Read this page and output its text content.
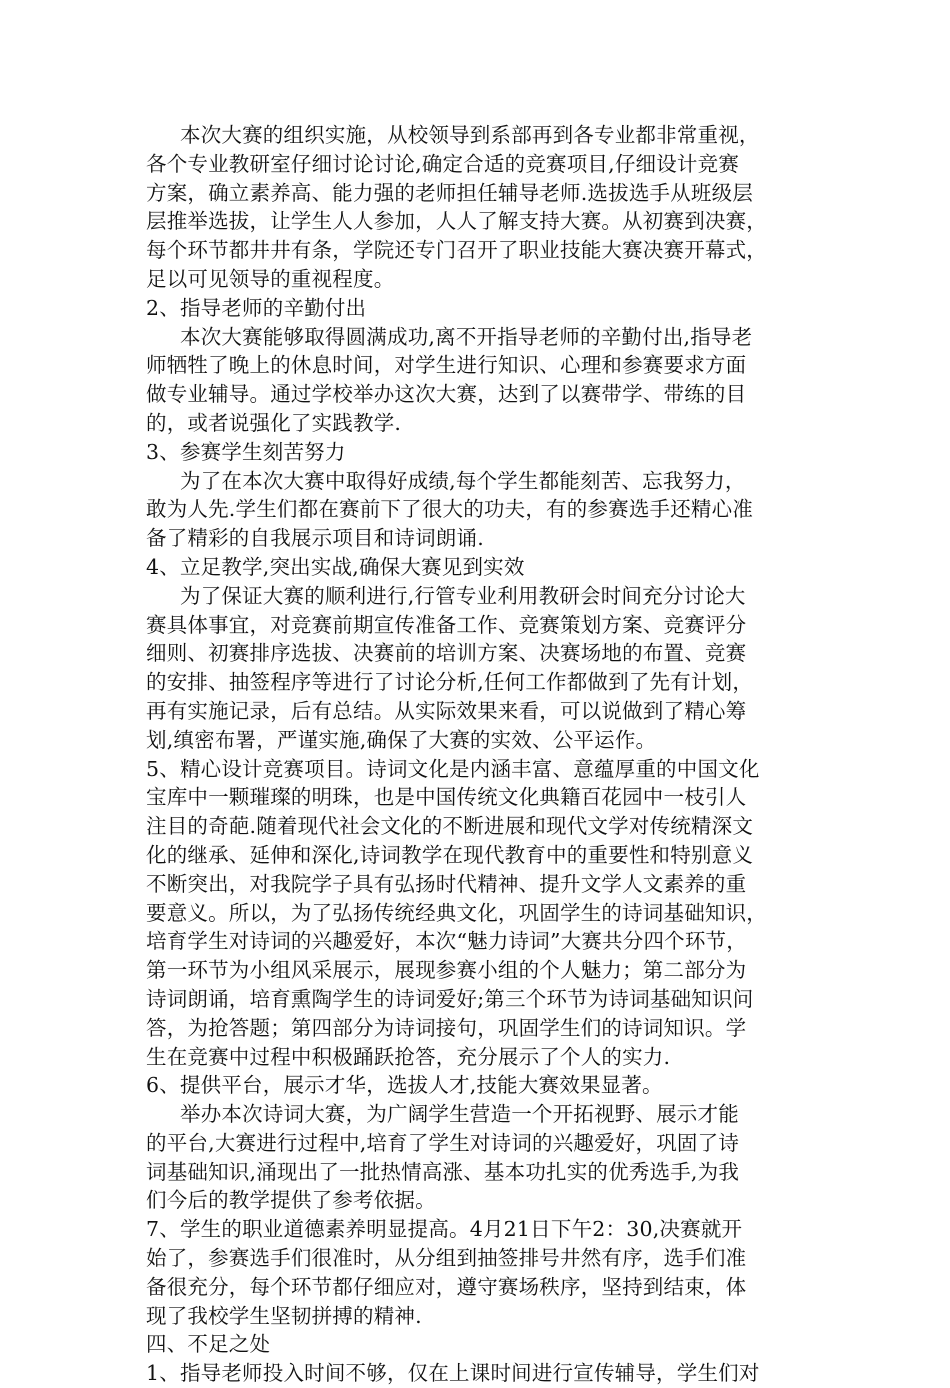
本次大赛的组织实施，从校领导到系部再到各专业都非常重视，
各个专业教研室仔细讨论讨论,确定合适的竞赛项目,仔细设计竞赛
方案，确立素养高、能力强的老师担任辅导老师.选拔选手从班级层
层推举选拔，让学生人人参加，人人了解支持大赛。从初赛到决赛，
每个环节都井井有条，学院还专门召开了职业技能大赛决赛开幕式，
足以可见领导的重视程度。
2、指导老师的辛勤付出
本次大赛能够取得圆满成功,离不开指导老师的辛勤付出,指导老
师牺牲了晚上的休息时间，对学生进行知识、心理和参赛要求方面
做专业辅导。通过学校举办这次大赛，达到了以赛带学、带练的目
的，或者说强化了实践教学.
3、参赛学生刻苦努力
为了在本次大赛中取得好成绩,每个学生都能刻苦、忘我努力，
敢为人先.学生们都在赛前下了很大的功夫，有的参赛选手还精心准
备了精彩的自我展示项目和诗词朗诵.
4、立足教学,突出实战,确保大赛见到实效
为了保证大赛的顺利进行,行管专业利用教研会时间充分讨论大
赛具体事宜，对竞赛前期宣传准备工作、竞赛策划方案、竞赛评分
细则、初赛排序选拔、决赛前的培训方案、决赛场地的布置、竞赛
的安排、抽签程序等进行了讨论分析,任何工作都做到了先有计划，
再有实施记录，后有总结。从实际效果来看，可以说做到了精心筹
划,缜密布署，严谨实施,确保了大赛的实效、公平运作。
5、精心设计竞赛项目。诗词文化是内涵丰富、意蕴厚重的中国文化
宝库中一颗璀璨的明珠，也是中国传统文化典籍百花园中一枝引人
注目的奇葩.随着现代社会文化的不断进展和现代文学对传统精深文
化的继承、延伸和深化,诗词教学在现代教育中的重要性和特别意义
不断突出，对我院学子具有弘扬时代精神、提升文学人文素养的重
要意义。所以，为了弘扬传统经典文化，巩固学生的诗词基础知识，
培育学生对诗词的兴趣爱好，本次“魅力诗词”大赛共分四个环节，
第一环节为小组风采展示，展现参赛小组的个人魅力；第二部分为
诗词朗诵，培育熏陶学生的诗词爱好;第三个环节为诗词基础知识问
答，为抢答题；第四部分为诗词接句，巩固学生们的诗词知识。学
生在竞赛中过程中积极踊跃抢答，充分展示了个人的实力.
6、提供平台，展示才华，选拔人才,技能大赛效果显著。
举办本次诗词大赛，为广阔学生营造一个开拓视野、展示才能
的平台,大赛进行过程中,培育了学生对诗词的兴趣爱好，巩固了诗
词基础知识,涌现出了一批热情高涨、基本功扎实的优秀选手,为我
们今后的教学提供了参考依据。
7、学生的职业道德素养明显提高。4月21日下午2：30,决赛就开
始了，参赛选手们很准时，从分组到抽签排号井然有序，选手们准
备很充分，每个环节都仔细应对，遵守赛场秩序，坚持到结束，体
现了我校学生坚韧拼搏的精神.
四、不足之处
1、指导老师投入时间不够，仅在上课时间进行宣传辅导，学生们对
